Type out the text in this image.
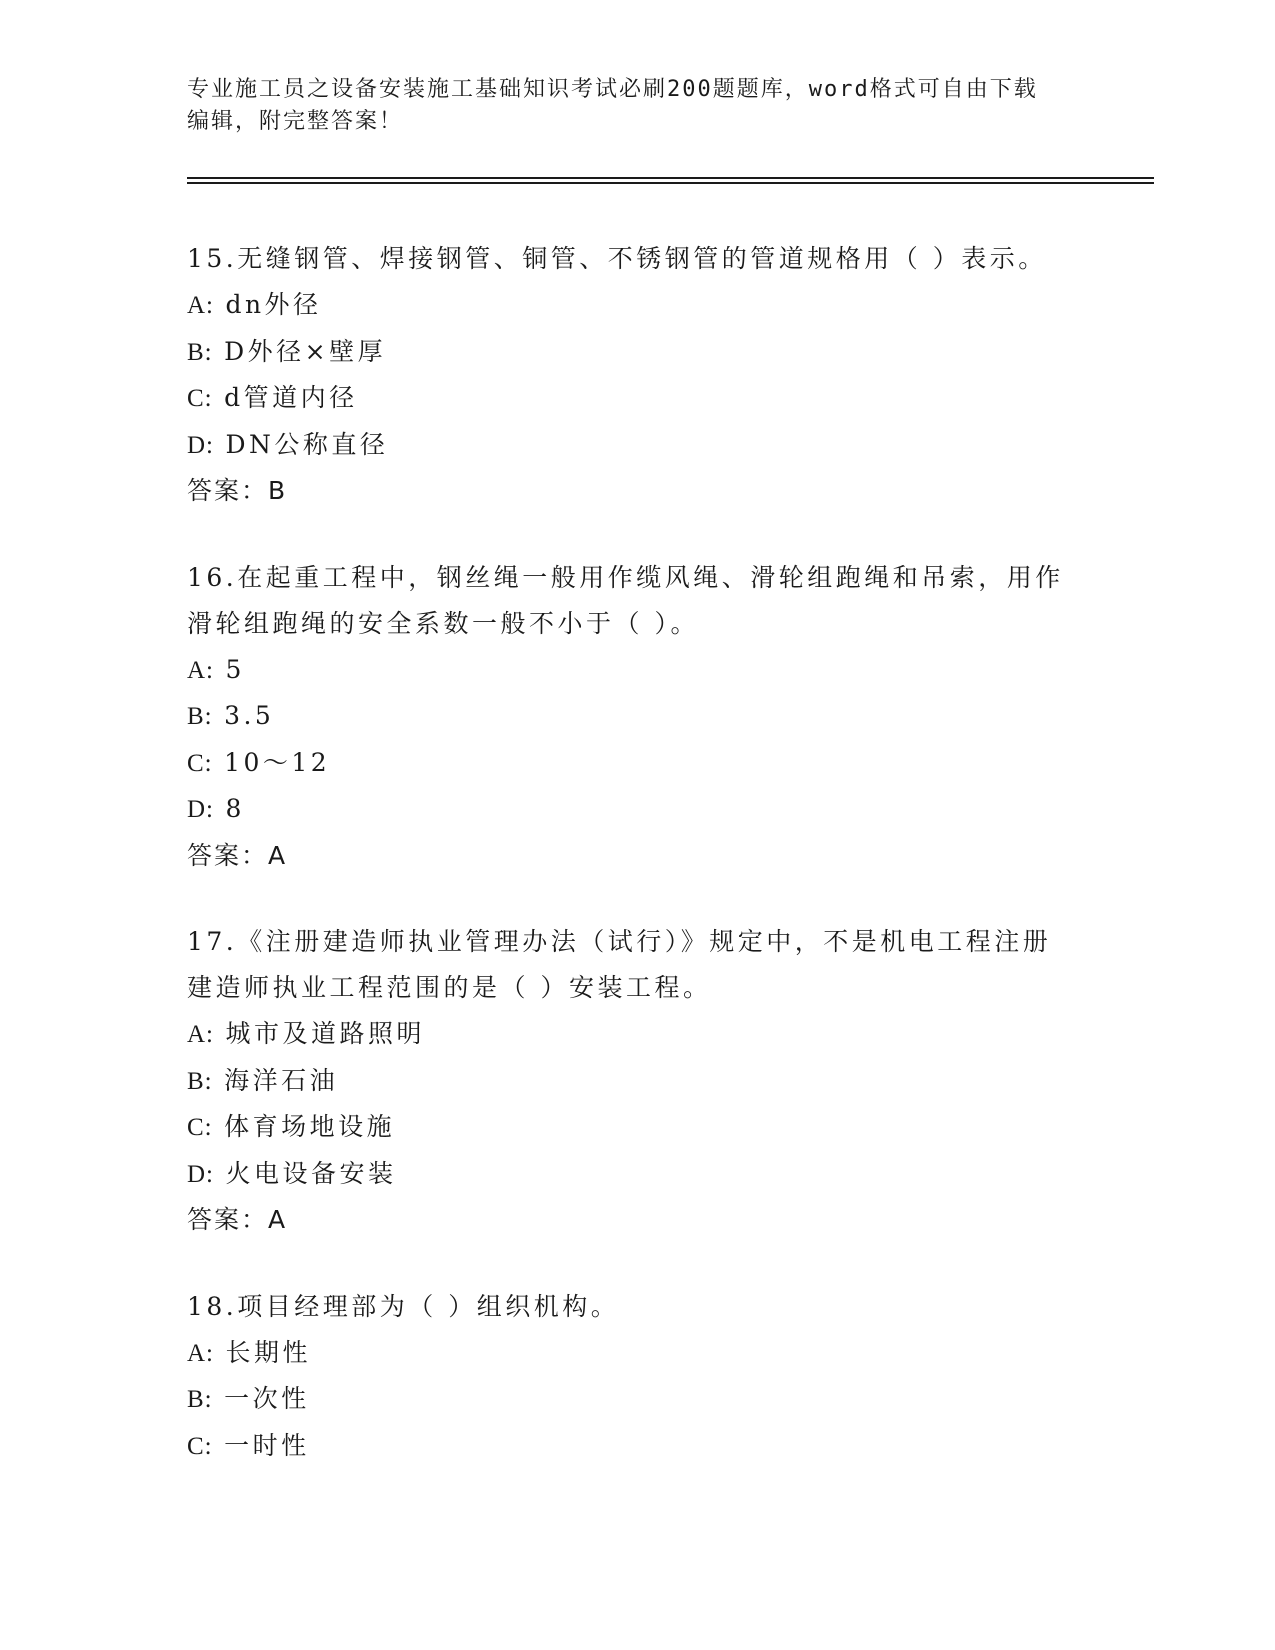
专业施工员之设备安装施工基础知识考试必刷200题题库，word格式可自由下载
编辑，附完整答案！
15.无缝钢管、焊接钢管、铜管、不锈钢管的管道规格用（ ）表示。
A: dn外径
B: D外径×壁厚
C: d管道内径
D: DN公称直径
答案：B
16.在起重工程中，钢丝绳一般用作缆风绳、滑轮组跑绳和吊索，用作
滑轮组跑绳的安全系数一般不小于（ ）。
A: 5
B: 3.5
C: 10～12
D: 8
答案：A
17.《注册建造师执业管理办法（试行）》规定中，不是机电工程注册
建造师执业工程范围的是（ ）安装工程。
A: 城市及道路照明
B: 海洋石油
C: 体育场地设施
D: 火电设备安装
答案：A
18.项目经理部为（ ）组织机构。
A: 长期性
B: 一次性
C: 一时性
